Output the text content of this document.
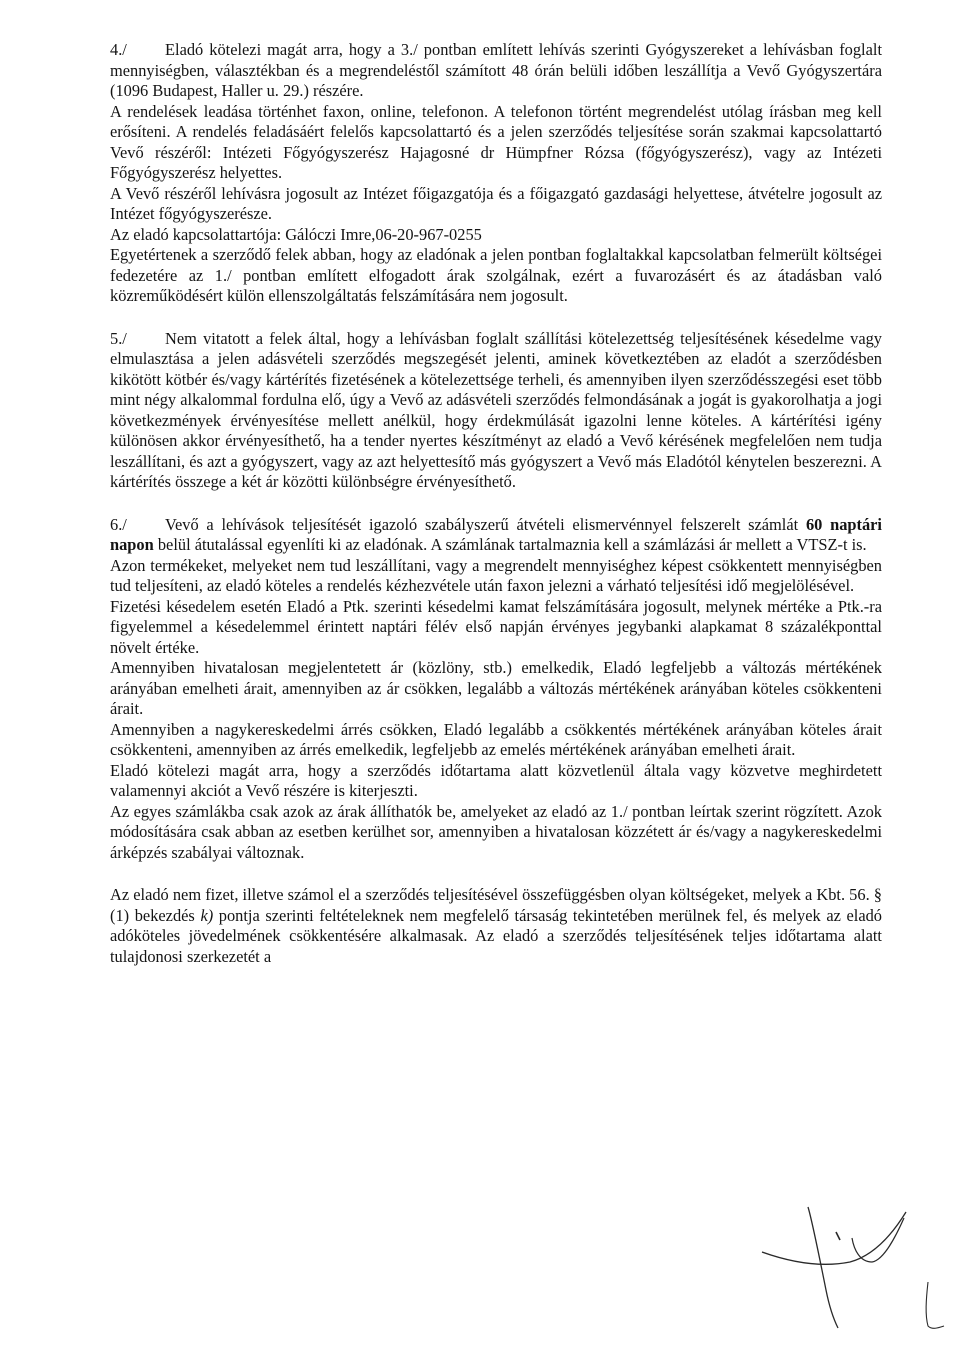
4./ Eladó kötelezi magát arra, hogy a 3./ pontban említett lehívás szerinti Gyógyszereket a lehívásban foglalt mennyiségben, választékban és a megrendeléstől számított 48 órán belüli időben leszállítja a Vevő Gyógyszertára (1096 Budapest, Haller u. 29.) részére.

A rendelések leadása történhet faxon, online, telefonon. A telefonon történt megrendelést utólag írásban meg kell erősíteni. A rendelés feladásáért felelős kapcsolattartó és a jelen szerződés teljesítése során szakmai kapcsolattartó Vevő részéről: Intézeti Főgyógyszerész Hajagosné dr Hümpfner Rózsa (főgyógyszerész), vagy az Intézeti Főgyógyszerész helyettes.

A Vevő részéről lehívásra jogosult az Intézet főigazgatója és a főigazgató gazdasági helyettese, átvételre jogosult az Intézet főgyógyszerésze.

Az eladó kapcsolattartója: Gálóczi Imre,06-20-967-0255

Egyetértenek a szerződő felek abban, hogy az eladónak a jelen pontban foglaltakkal kapcsolatban felmerült költségei fedezetére az 1./ pontban említett elfogadott árak szolgálnak, ezért a fuvarozásért és az átadásban való közreműködésért külön ellenszolgáltatás felszámítására nem jogosult.

5./ Nem vitatott a felek által, hogy a lehívásban foglalt szállítási kötelezettség teljesítésének késedelme vagy elmulasztása a jelen adásvételi szerződés megszegését jelenti, aminek következtében az eladót a szerződésben kikötött kötbér és/vagy kártérítés fizetésének a kötelezettsége terheli, és amennyiben ilyen szerződésszegési eset több mint négy alkalommal fordulna elő, úgy a Vevő az adásvételi szerződés felmondásának a jogát is gyakorolhatja a jogi következmények érvényesítése mellett anélkül, hogy érdekmúlását igazolni lenne köteles. A kártérítési igény különösen akkor érvényesíthető, ha a tender nyertes készítményt az eladó a Vevő kérésének megfelelően nem tudja leszállítani, és azt a gyógyszert, vagy az azt helyettesítő más gyógyszert a Vevő más Eladótól kénytelen beszerezni. A kártérítés összege a két ár közötti különbségre érvényesíthető.

6./ Vevő a lehívások teljesítését igazoló szabályszerű átvételi elismervénnyel felszerelt számlát 60 naptári napon belül átutalással egyenlíti ki az eladónak. A számlának tartalmaznia kell a számlázási ár mellett a VTSZ-t is.

Azon termékeket, melyeket nem tud leszállítani, vagy a megrendelt mennyiséghez képest csökkentett mennyiségben tud teljesíteni, az eladó köteles a rendelés kézhezvétele után faxon jelezni a várható teljesítési idő megjelölésével.

Fizetési késedelem esetén Eladó a Ptk. szerinti késedelmi kamat felszámítására jogosult, melynek mértéke a Ptk.-ra figyelemmel a késedelemmel érintett naptári félév első napján érvényes jegybanki alapkamat 8 százalékponttal növelt értéke.

Amennyiben hivatalosan megjelentetett ár (közlöny, stb.) emelkedik, Eladó legfeljebb a változás mértékének arányában emelheti árait, amennyiben az ár csökken, legalább a változás mértékének arányában köteles csökkenteni árait.

Amennyiben a nagykereskedelmi árrés csökken, Eladó legalább a csökkentés mértékének arányában köteles árait csökkenteni, amennyiben az árrés emelkedik, legfeljebb az emelés mértékének arányában emelheti árait.

Eladó kötelezi magát arra, hogy a szerződés időtartama alatt közvetlenül általa vagy közvetve meghirdetett valamennyi akciót a Vevő részére is kiterjeszti.

Az egyes számlákba csak azok az árak állíthatók be, amelyeket az eladó az 1./ pontban leírtak szerint rögzített. Azok módosítására csak abban az esetben kerülhet sor, amennyiben a hivatalosan közzétett ár és/vagy a nagykereskedelmi árképzés szabályai változnak.

Az eladó nem fizet, illetve számol el a szerződés teljesítésével összefüggésben olyan költségeket, melyek a Kbt. 56. § (1) bekezdés k) pontja szerinti feltételeknek nem megfelelő társaság tekintetében merülnek fel, és melyek az eladó adóköteles jövedelmének csökkentésére alkalmasak. Az eladó a szerződés teljesítésének teljes időtartama alatt tulajdonosi szerkezetét a
